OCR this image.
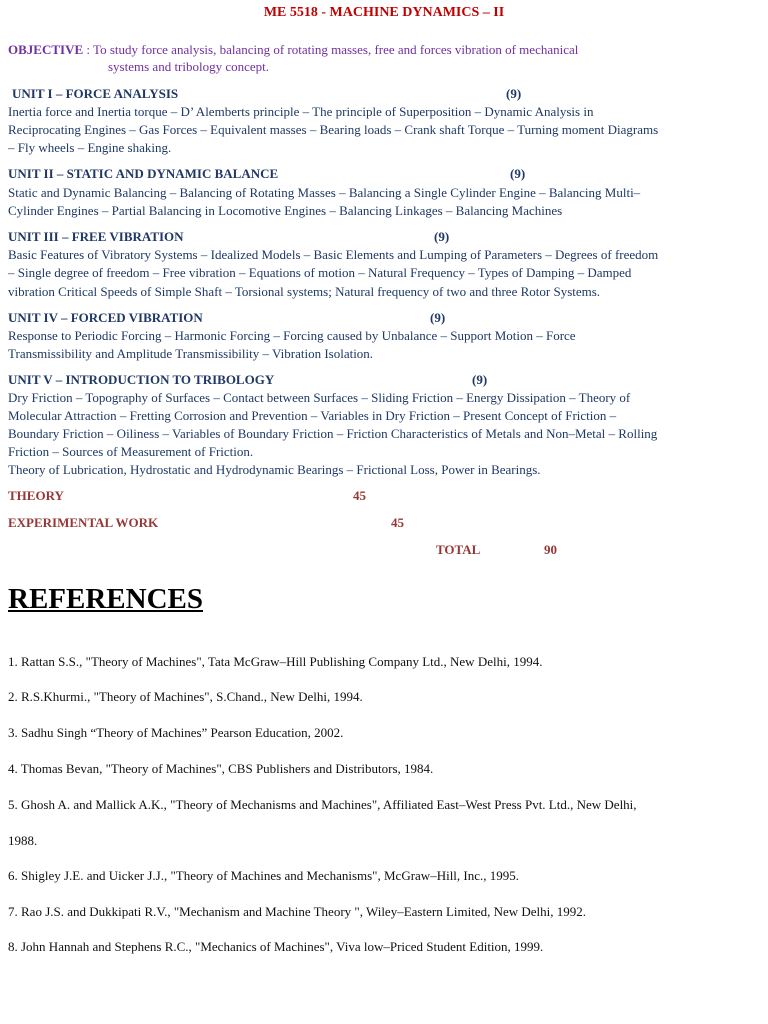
ME 5518 - MACHINE DYNAMICS – II

OBJECTIVE : To study force analysis, balancing of rotating masses, free and forces vibration of mechanical

systems and tribology concept.

UNIT I – FORCE ANALYSIS	(9)

Inertia force and Inertia torque – D’ Alemberts principle – The principle of Superposition – Dynamic Analysis in

Reciprocating Engines – Gas Forces – Equivalent masses – Bearing loads – Crank shaft Torque – Turning moment Diagrams

– Fly wheels – Engine shaking.

UNIT II – STATIC AND DYNAMIC BALANCE	(9)

Static and Dynamic Balancing – Balancing of Rotating Masses – Balancing a Single Cylinder Engine – Balancing Multi–

Cylinder Engines – Partial Balancing in Locomotive Engines – Balancing Linkages – Balancing Machines

UNIT III – FREE VIBRATION	(9)

Basic Features of Vibratory Systems – Idealized Models – Basic Elements and Lumping of Parameters – Degrees of freedom

– Single degree of freedom – Free vibration – Equations of motion – Natural Frequency – Types of Damping – Damped

vibration Critical Speeds of Simple Shaft – Torsional systems; Natural frequency of two and three Rotor Systems.

UNIT IV – FORCED VIBRATION	(9)

Response to Periodic Forcing – Harmonic Forcing – Forcing caused by Unbalance – Support Motion – Force

Transmissibility and Amplitude Transmissibility – Vibration Isolation.

UNIT V – INTRODUCTION TO TRIBOLOGY	(9)

Dry Friction – Topography of Surfaces – Contact between Surfaces – Sliding Friction – Energy Dissipation – Theory of

Molecular Attraction – Fretting Corrosion and Prevention – Variables in Dry Friction – Present Concept of Friction –

Boundary Friction – Oiliness – Variables of Boundary Friction – Friction Characteristics of Metals and Non–Metal – Rolling

Friction – Sources of Measurement of Friction.

Theory of Lubrication, Hydrostatic and Hydrodynamic Bearings – Frictional Loss, Power in Bearings.

THEORY	45

EXPERIMENTAL WORK	45

TOTAL	90

REFERENCES

1. Rattan S.S., "Theory of Machines", Tata McGraw–Hill Publishing Company Ltd., New Delhi, 1994.

2. R.S.Khurmi., "Theory of Machines", S.Chand., New Delhi, 1994.

3. Sadhu Singh “Theory of Machines” Pearson Education, 2002.

4. Thomas Bevan, "Theory of Machines", CBS Publishers and Distributors, 1984.

5. Ghosh A. and Mallick A.K., "Theory of Mechanisms and Machines", Affiliated East–West Press Pvt. Ltd., New Delhi,

1988.

6. Shigley J.E. and Uicker J.J., "Theory of Machines and Mechanisms", McGraw–Hill, Inc., 1995.

7. Rao J.S. and Dukkipati R.V., "Mechanism and Machine Theory ", Wiley–Eastern Limited, New Delhi, 1992.

8. John Hannah and Stephens R.C., "Mechanics of Machines", Viva low–Priced Student Edition, 1999.
